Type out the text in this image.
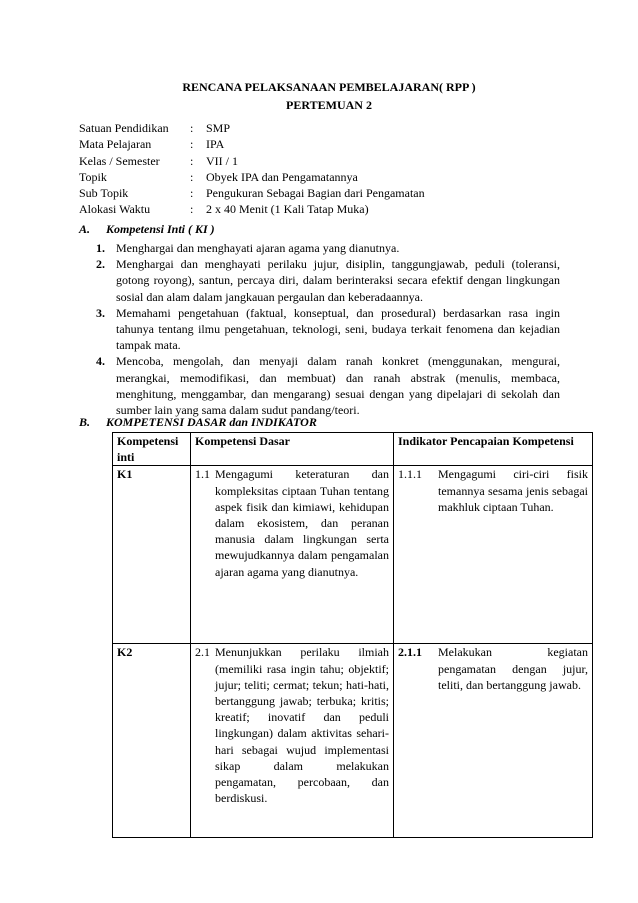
RENCANA PELAKSANAAN PEMBELAJARAN( RPP )
PERTEMUAN 2
Satuan Pendidikan : SMP
Mata Pelajaran	: IPA
Kelas / Semester	: VII / 1
Topik	: Obyek IPA dan Pengamatannya
Sub Topik	: Pengukuran Sebagai Bagian dari Pengamatan
Alokasi Waktu	: 2 x 40 Menit (1 Kali Tatap Muka)
A. Kompetensi Inti ( KI )
1. Menghargai dan menghayati ajaran agama yang dianutnya.
2. Menghargai dan menghayati perilaku jujur, disiplin, tanggungjawab, peduli (toleransi, gotong royong), santun, percaya diri, dalam berinteraksi secara efektif dengan lingkungan sosial dan alam dalam jangkauan pergaulan dan keberadaannya.
3. Memahami pengetahuan (faktual, konseptual, dan prosedural) berdasarkan rasa ingin tahunya tentang ilmu pengetahuan, teknologi, seni, budaya terkait fenomena dan kejadian tampak mata.
4. Mencoba, mengolah, dan menyaji dalam ranah konkret (menggunakan, mengurai, merangkai, memodifikasi, dan membuat) dan ranah abstrak (menulis, membaca, menghitung, menggambar, dan mengarang) sesuai dengan yang dipelajari di sekolah dan sumber lain yang sama dalam sudut pandang/teori.
B. KOMPETENSI DASAR dan INDIKATOR
Kompetensi inti	Kompetensi Dasar	Indikator Pencapaian Kompetensi
K1	1.1 Mengagumi keteraturan dan kompleksitas ciptaan Tuhan tentang aspek fisik dan kimiawi, kehidupan dalam ekosistem, dan peranan manusia dalam lingkungan serta mewujudkannya dalam pengamalan ajaran agama yang dianutnya.	1.1.1 Mengagumi ciri-ciri fisik temannya sesama jenis sebagai makhluk ciptaan Tuhan.

K2	2.1 Menunjukkan perilaku ilmiah (memiliki rasa ingin tahu; objektif; jujur; teliti; cermat; tekun; hati-hati, bertanggung jawab; terbuka; kritis; kreatif; inovatif dan peduli lingkungan) dalam aktivitas sehari-hari sebagai wujud implementasi sikap dalam melakukan pengamatan, percobaan, dan berdiskusi.	2.1.1 Melakukan kegiatan pengamatan dengan jujur, teliti, dan bertanggung jawab.
